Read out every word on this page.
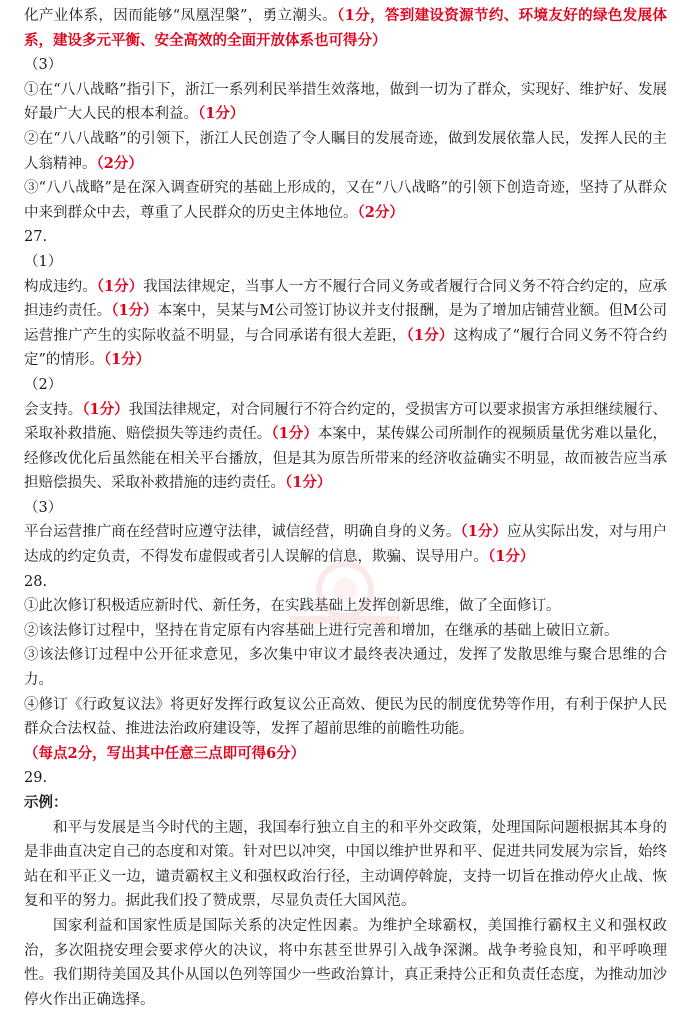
化产业体系，因而能够“凤凰涅槃”，勇立潮头。（1分，答到建设资源节约、环境友好的绿色发展体系，建设多元平衡、安全高效的全面开放体系也可得分）

（3）

①在“八八战略”指引下，浙江一系列利民举措生效落地，做到一切为了群众，实现好、维护好、发展好最广大人民的根本利益。（1分）

②在“八八战略”的引领下，浙江人民创造了令人瞩目的发展奇迹，做到发展依靠人民，发挥人民的主人翁精神。（2分）

③“八八战略”是在深入调查研究的基础上形成的，又在“八八战略”的引领下创造奇迹，坚持了从群众中来到群众中去，尊重了人民群众的历史主体地位。（2分）

27.

（1）

构成违约。（1分）我国法律规定，当事人一方不履行合同义务或者履行合同义务不符合约定的，应承担违约责任。（1分）本案中，吴某与M公司签订协议并支付报酬，是为了增加店铺营业额。但M公司运营推广产生的实际收益不明显，与合同承诺有很大差距，（1分）这构成了“履行合同义务不符合约定”的情形。（1分）

（2）

会支持。（1分）我国法律规定，对合同履行不符合约定的，受损害方可以要求损害方承担继续履行、采取补救措施、赔偿损失等违约责任。（1分）本案中，某传媒公司所制作的视频质量优劣难以量化，经修改优化后虽然能在相关平台播放，但是其为原告所带来的经济收益确实不明显，故而被告应当承担赔偿损失、采取补救措施的违约责任。（1分）

（3）

平台运营推广商在经营时应遵守法律，诚信经营，明确自身的义务。（1分）应从实际出发，对与用户达成的约定负责，不得发布虚假或者引人误解的信息，欺骗、误导用户。（1分）

28.

①此次修订积极适应新时代、新任务，在实践基础上发挥创新思维，做了全面修订。

②该法修订过程中，坚持在肯定原有内容基础上进行完善和增加，在继承的基础上破旧立新。

③该法修订过程中公开征求意见，多次集中审议才最终表决通过，发挥了发散思维与聚合思维的合力。

④修订《行政复议法》将更好发挥行政复议公正高效、便民为民的制度优势等作用，有利于保护人民群众合法权益、推进法治政府建设等，发挥了超前思维的前瞻性功能。

（每点2分，写出其中任意三点即可得6分）

29.

示例：

和平与发展是当今时代的主题，我国奉行独立自主的和平外交政策，处理国际问题根据其本身的是非曲直决定自己的态度和对策。针对巴以冲突，中国以维护世界和平、促进共同发展为宗旨，始终站在和平正义一边，谴责霸权主义和强权政治行径，主动调停斡旋，支持一切旨在推动停火止战、恢复和平的努力。据此我们投了赞成票，尽显负责任大国风范。

国家利益和国家性质是国际关系的决定性因素。为维护全球霸权，美国推行霸权主义和强权政治，多次阻挠安理会要求停火的决议，将中东甚至世界引入战争深渊。战争考验良知，和平呼唤理性。我们期待美国及其仆从国以色列等国少一些政治算计，真正秉持公正和负责任态度，为推动加沙停火作出正确选择。
